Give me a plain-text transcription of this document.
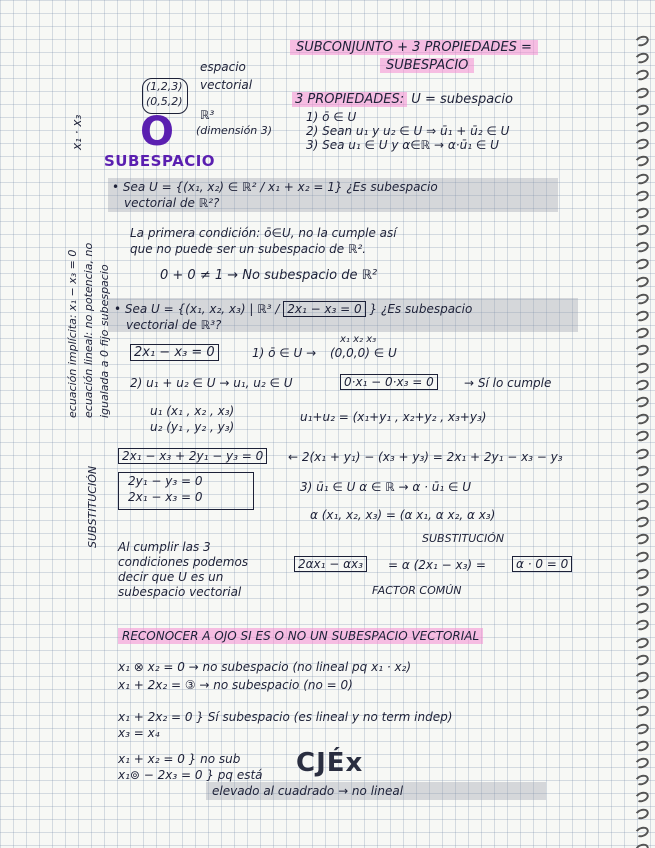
SUBCONJUNTO + 3 PROPIEDADES =
SUBESPACIO
espacio
vectorial
(1,2,3)
(0,5,2)
ℝ³
(dimensión 3)
O
SUBESPACIO
3 PROPIEDADES: U = subespacio
1) ō ∈ U
2) Sean u₁ y u₂ ∈ U ⇒ ū₁ + ū₂ ∈ U
3) Sea u₁ ∈ U y α∈ℝ → α·ū₁ ∈ U
ecuación implícita: x₁ − x₃ = 0 ecuación lineal: no potencia, no igualada a 0 fijo subespacio
x₁ · x₃
SUBSTITUCIÓN
• Sea U = {(x₁, x₂) ∈ ℝ² / x₁ + x₂ = 1} ¿Es subespacio
vectorial de ℝ²?
La primera condición: ō∈U, no la cumple así
que no puede ser un subespacio de ℝ².
0 + 0 ≠ 1 → No subespacio de ℝ²
• Sea U = {(x₁, x₂, x₃) | ℝ³ / 2x₁ − x₃ = 0 } ¿Es subespacio
vectorial de ℝ³?
2x₁ − x₃ = 0	1) ō ∈ U →
x₁ x₂ x₃
(0,0,0) ∈ U
2) u₁ + u₂ ∈ U → u₁, u₂ ∈ U	0·x₁ − 0·x₃ = 0	→ Sí lo cumple
u₁ (x₁ , x₂ , x₃)
u₂ (y₁ , y₂ , y₃)
u₁+u₂ = (x₁+y₁ , x₂+y₂ , x₃+y₃)
2x₁ − x₃ + 2y₁ − y₃ = 0	← 2(x₁ + y₁) − (x₃ + y₃) = 2x₁ + 2y₁ − x₃ − y₃
2y₁ − y₃ = 0
2x₁ − x₃ = 0
3) ū₁ ∈ U α ∈ ℝ → α · ū₁ ∈ U
α (x₁, x₂, x₃) = (α x₁, α x₂, α x₃)
SUBSTITUCIÓN
Al cumplir las 3
condiciones podemos
decir que U es un
subespacio vectorial
2αx₁ − αx₃	= α (2x₁ − x₃) =	α · 0 = 0
FACTOR COMÚN
RECONOCER A OJO SI ES O NO UN SUBESPACIO VECTORIAL
x₁ ⊗ x₂ = 0 → no subespacio (no lineal pq x₁ · x₂)
x₁ + 2x₂ = ③ → no subespacio (no = 0)
x₁ + 2x₂ = 0 } Sí subespacio (es lineal y no term indep)
x₃ = x₄
x₁ + x₂ = 0 } no sub
x₁⊚ − 2x₃ = 0 } pq está
elevado al cuadrado → no lineal
CJÉx
